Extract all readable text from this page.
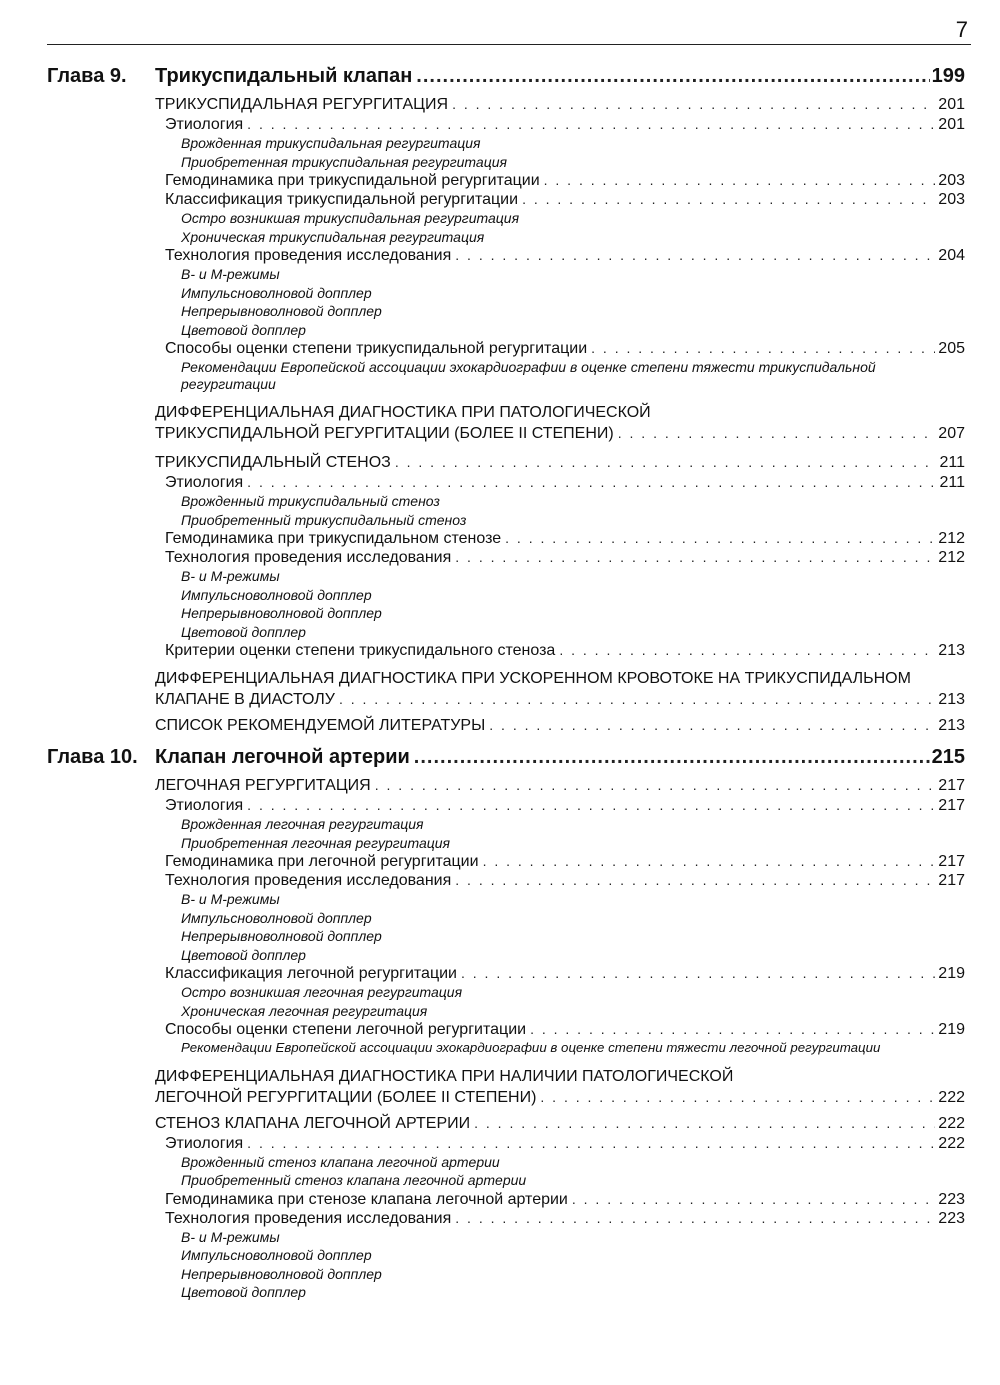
7
Глава 9. Трикуспидальный клапан .....	199
ТРИКУСПИДАЛЬНАЯ РЕГУРГИТАЦИЯ . . .	201
Этиология . . .	201
Врожденная трикуспидальная регургитация
Приобретенная трикуспидальная регургитация
Гемодинамика при трикуспидальной регургитации . . .	203
Классификация трикуспидальной регургитации . . .	203
Остро возникшая трикуспидальная регургитация
Хроническая трикуспидальная регургитация
Технология проведения исследования . . .	204
В- и М-режимы
Импульсноволновой допплер
Непрерывноволновой допплер
Цветовой допплер
Способы оценки степени трикуспидальной регургитации . . .	205
Рекомендации Европейской ассоциации эхокардиографии в оценке степени тяжести трикуспидальной регургитации
ДИФФЕРЕНЦИАЛЬНАЯ ДИАГНОСТИКА ПРИ ПАТОЛОГИЧЕСКОЙ
ТРИКУСПИДАЛЬНОЙ РЕГУРГИТАЦИИ (БОЛЕЕ II СТЕПЕНИ) . . .	207
ТРИКУСПИДАЛЬНЫЙ СТЕНОЗ . . .	211
Этиология . . .	211
Врожденный трикуспидальный стеноз
Приобретенный трикуспидальный стеноз
Гемодинамика при трикуспидальном стенозе . . .	212
Технология проведения исследования . . .	212
В- и М-режимы
Импульсноволновой допплер
Непрерывноволновой допплер
Цветовой допплер
Критерии оценки степени трикуспидального стеноза . . .	213
ДИФФЕРЕНЦИАЛЬНАЯ ДИАГНОСТИКА ПРИ УСКОРЕННОМ КРОВОТОКЕ НА ТРИКУСПИДАЛЬНОМ
КЛАПАНЕ В ДИАСТОЛУ . . .	213
СПИСОК РЕКОМЕНДУЕМОЙ ЛИТЕРАТУРЫ . . .	213
Глава 10. Клапан легочной артерии .....	215
ЛЕГОЧНАЯ РЕГУРГИТАЦИЯ . . .	217
Этиология . . .	217
Врожденная легочная регургитация
Приобретенная легочная регургитация
Гемодинамика при легочной регургитации . . .	217
Технология проведения исследования . . .	217
В- и М-режимы
Импульсноволновой допплер
Непрерывноволновой допплер
Цветовой допплер
Классификация легочной регургитации . . .	219
Остро возникшая легочная регургитация
Хроническая легочная регургитация
Способы оценки степени легочной регургитации . . .	219
Рекомендации Европейской ассоциации эхокардиографии в оценке степени тяжести легочной регургитации
ДИФФЕРЕНЦИАЛЬНАЯ ДИАГНОСТИКА ПРИ НАЛИЧИИ ПАТОЛОГИЧЕСКОЙ
ЛЕГОЧНОЙ РЕГУРГИТАЦИИ (БОЛЕЕ II СТЕПЕНИ) . . .	222
СТЕНОЗ КЛАПАНА ЛЕГОЧНОЙ АРТЕРИИ . . .	222
Этиология . . .	222
Врожденный стеноз клапана легочной артерии
Приобретенный стеноз клапана легочной артерии
Гемодинамика при стенозе клапана легочной артерии . . .	223
Технология проведения исследования . . .	223
В- и М-режимы
Импульсноволновой допплер
Непрерывноволновой допплер
Цветовой допплер
